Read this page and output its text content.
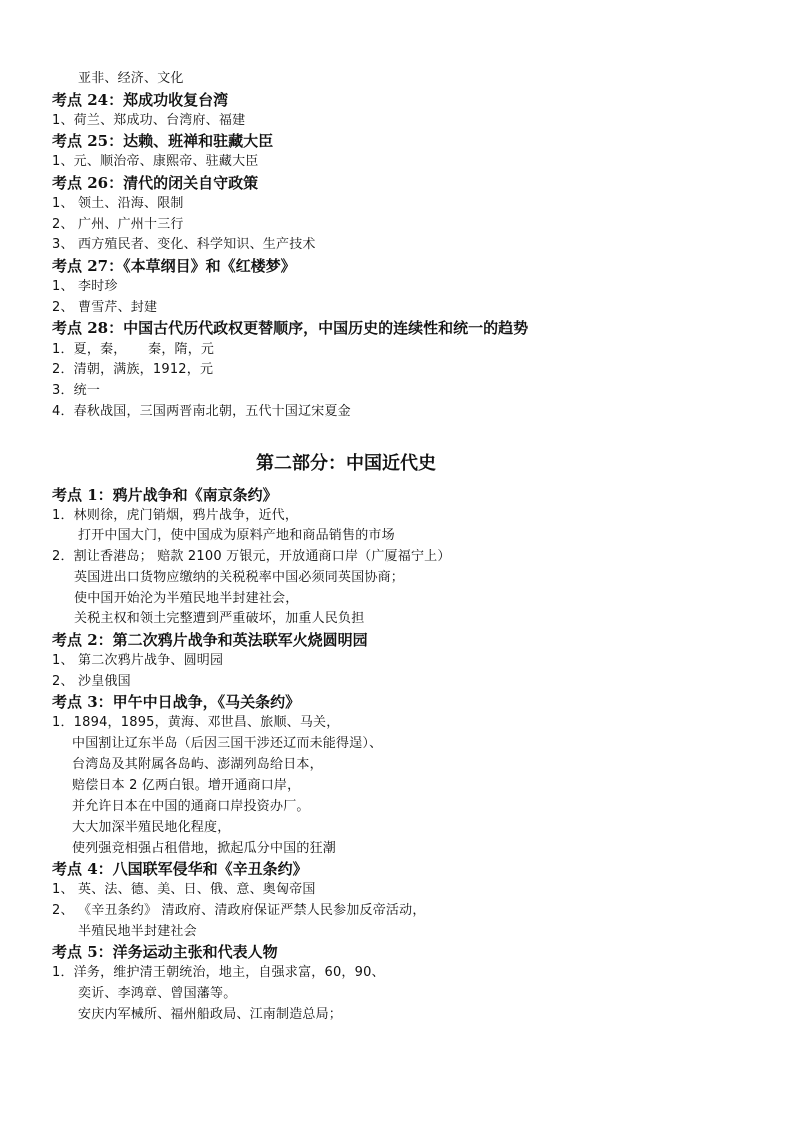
亚非、经济、文化
考点 24：郑成功收复台湾
1、荷兰、郑成功、台湾府、福建
考点 25：达赖、班禅和驻藏大臣
1、元、顺治帝、康熙帝、驻藏大臣
考点 26：清代的闭关自守政策
1、 领土、沿海、限制
2、 广州、广州十三行
3、 西方殖民者、变化、科学知识、生产技术
考点 27：《本草纲目》和《红楼梦》
1、 李时珍
2、 曹雪芹、封建
考点 28：中国古代历代政权更替顺序，中国历史的连续性和统一的趋势
1．夏，秦，     秦，隋，元
2．清朝，满族，1912，元
3．统一
4．春秋战国，三国两晋南北朝，五代十国辽宋夏金
第二部分：中国近代史
考点 1：鸦片战争和《南京条约》
1．林则徐，虎门销烟，鸦片战争，近代，
打开中国大门，使中国成为原料产地和商品销售的市场
2．割让香港岛； 赔款 2100 万银元，开放通商口岸（广厦福宁上）
英国进出口货物应缴纳的关税税率中国必须同英国协商；
使中国开始沦为半殖民地半封建社会，
关税主权和领土完整遭到严重破坏，加重人民负担
考点 2：第二次鸦片战争和英法联军火烧圆明园
1、 第二次鸦片战争、圆明园
2、 沙皇俄国
考点 3：甲午中日战争，《马关条约》
1．1894，1895，黄海、邓世昌、旅顺、马关，
中国割让辽东半岛（后因三国干涉还辽而未能得逞）、
台湾岛及其附属各岛屿、澎湖列岛给日本，
赔偿日本 2 亿两白银。增开通商口岸，
并允许日本在中国的通商口岸投资办厂。
大大加深半殖民地化程度，
使列强竞相强占租借地，掀起瓜分中国的狂潮
考点 4：八国联军侵华和《辛丑条约》
1、 英、法、德、美、日、俄、意、奥匈帝国
2、 《辛丑条约》 清政府、清政府保证严禁人民参加反帝活动，
半殖民地半封建社会
考点 5：洋务运动主张和代表人物
1．洋务，维护清王朝统治，地主，自强求富，60，90、
奕䜣、李鸿章、曾国藩等。
安庆内军械所、福州船政局、江南制造总局；
